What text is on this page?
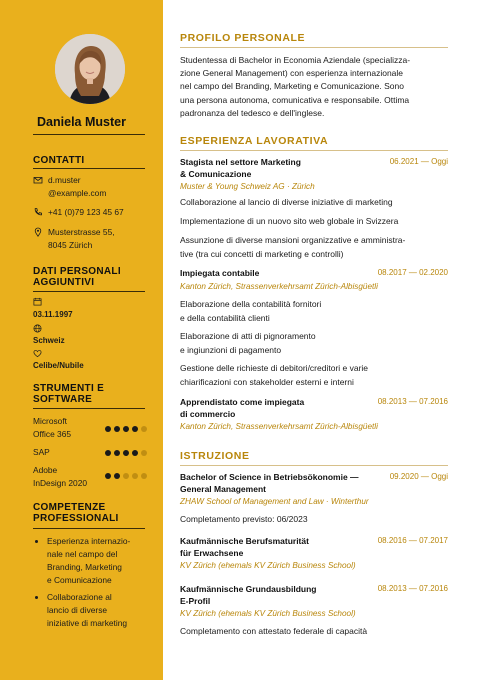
Daniela Muster
CONTATTI
d.muster
@example.com
+41 (0)79 123 45 67
Musterstrasse 55,
8045 Zürich
DATI PERSONALI
AGGIUNTIVI
03.11.1997
Schweiz
Celibe/Nubile
STRUMENTI E
SOFTWARE
Microsoft
Office 365
SAP
Adobe
InDesign 2020
COMPETENZE
PROFESSIONALI
Esperienza internazio-
nale nel campo del
Branding, Marketing
e Comunicazione
Collaborazione al
lancio di diverse
iniziative di marketing
PROFILO PERSONALE
Studentessa di Bachelor in Economia Aziendale (specializza-
zione General Management) con esperienza internazionale
nel campo del Branding, Marketing e Comunicazione. Sono
una persona autonoma, comunicativa e responsabile. Ottima
padronanza del tedesco e dell'inglese.
ESPERIENZA LAVORATIVA
Stagista nel settore Marketing
& Comunicazione
06.2021 — Oggi
Muster & Young Schweiz AG · Zürich
Collaborazione al lancio di diverse iniziative di marketing
Implementazione di un nuovo sito web globale in Svizzera
Assunzione di diverse mansioni organizzative e amministra-
tive (tra cui concetti di marketing e controlli)
Impiegata contabile	08.2017 — 02.2020
Kanton Zürich, Strassenverkehrsamt Zürich-Albisgüetli
Elaborazione della contabilità fornitori
e della contabilità clienti
Elaborazione di atti di pignoramento
e ingiunzioni di pagamento
Gestione delle richieste di debitori/creditori e varie
chiarificazioni con stakeholder esterni e interni
Apprendistato come impiegata
di commercio
08.2013 — 07.2016
Kanton Zürich, Strassenverkehrsamt Zürich-Albisgüetli
ISTRUZIONE
Bachelor of Science in Betriebsökonomie —
General Management
09.2020 — Oggi
ZHAW School of Management and Law · Winterthur
Completamento previsto: 06/2023
Kaufmännische Berufsmaturität
für Erwachsene
08.2016 — 07.2017
KV Zürich (ehemals KV Zürich Business School)
Kaufmännische Grundausbildung
E-Profil
08.2013 — 07.2016
KV Zürich (ehemals KV Zürich Business School)
Completamento con attestato federale di capacità
